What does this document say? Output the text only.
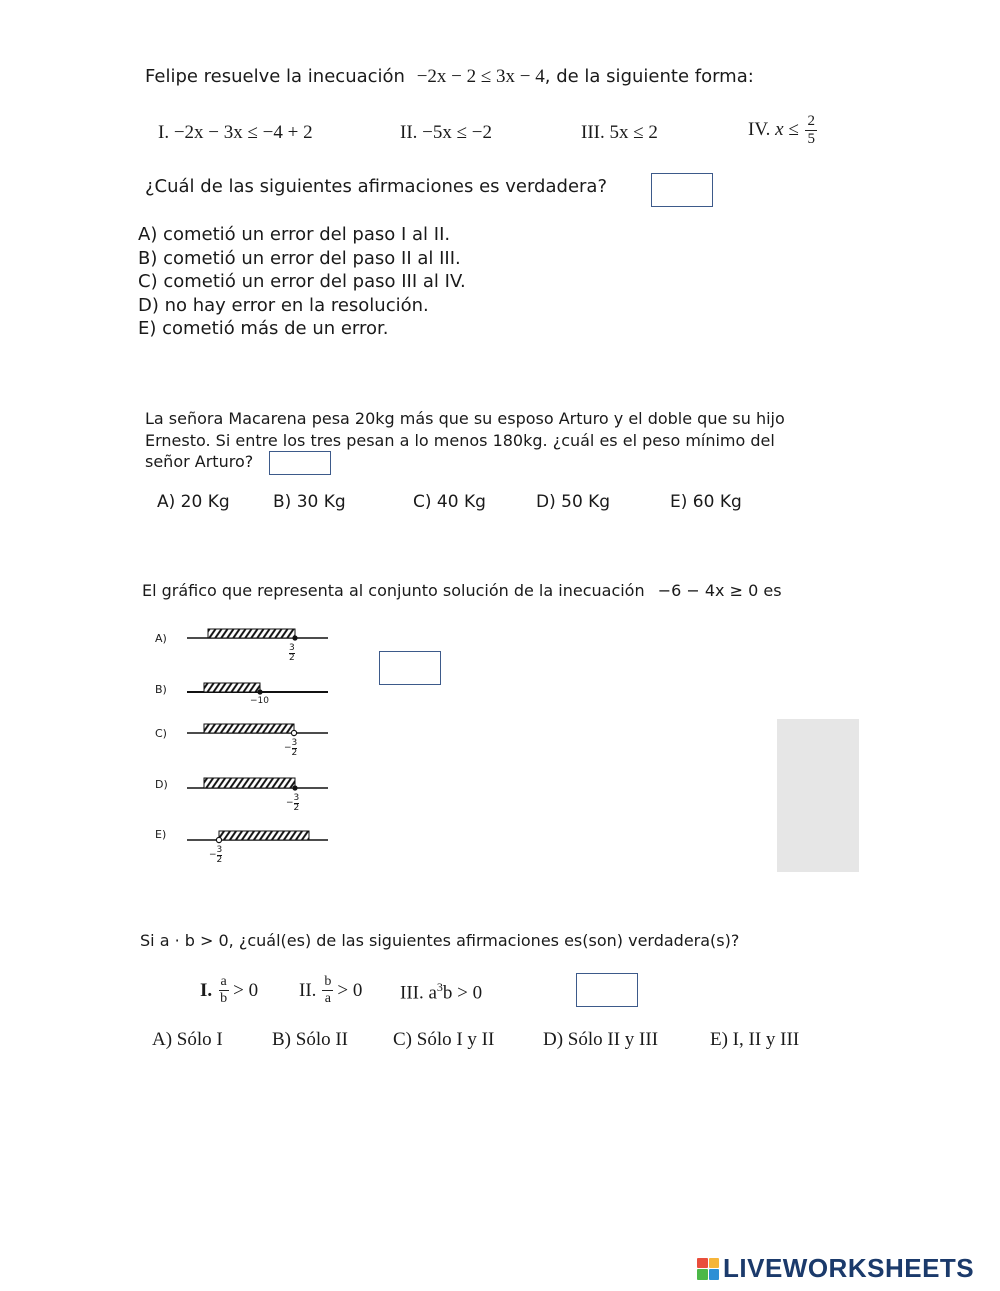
Felipe resuelve la inecuación −2x − 2 ≤ 3x − 4, de la siguiente forma:
I. −2x − 3x ≤ −4 + 2	II. −5x ≤ −2	III. 5x ≤ 2	IV. $x \le \frac{2}{5}$
¿Cuál de las siguientes afirmaciones es verdadera?
A) cometió un error del paso I al II.
B) cometió un error del paso II al III.
C) cometió un error del paso III al IV.
D) no hay error en la resolución.
E) cometió más de un error.
La señora Macarena pesa 20kg más que su esposo Arturo y el doble que su hijo
Ernesto. Si entre los tres pesan a lo menos 180kg. ¿cuál es el peso mínimo del
señor Arturo?
A) 20 Kg	B) 30 Kg	C) 40 Kg	D) 50 Kg	E) 60 Kg
El gráfico que representa al conjunto solución de la inecuación −6 − 4x ≥ 0 es
A)
B)
C)
D)
E)
$\frac{3}{2}$
−10
− $\frac{3}{2}$
− $\frac{3}{2}$
− $\frac{3}{2}$
Si a · b > 0, ¿cuál(es) de las siguientes afirmaciones es(son) verdadera(s)?
I. $\frac{a}{b} > 0$ II. $\frac{b}{a} > 0$ III. $a^3b > 0$
A) Sólo I	B) Sólo II C) Sólo I y II	D) Sólo II y III	E) I, II y III
LIVEWORKSHEETS
